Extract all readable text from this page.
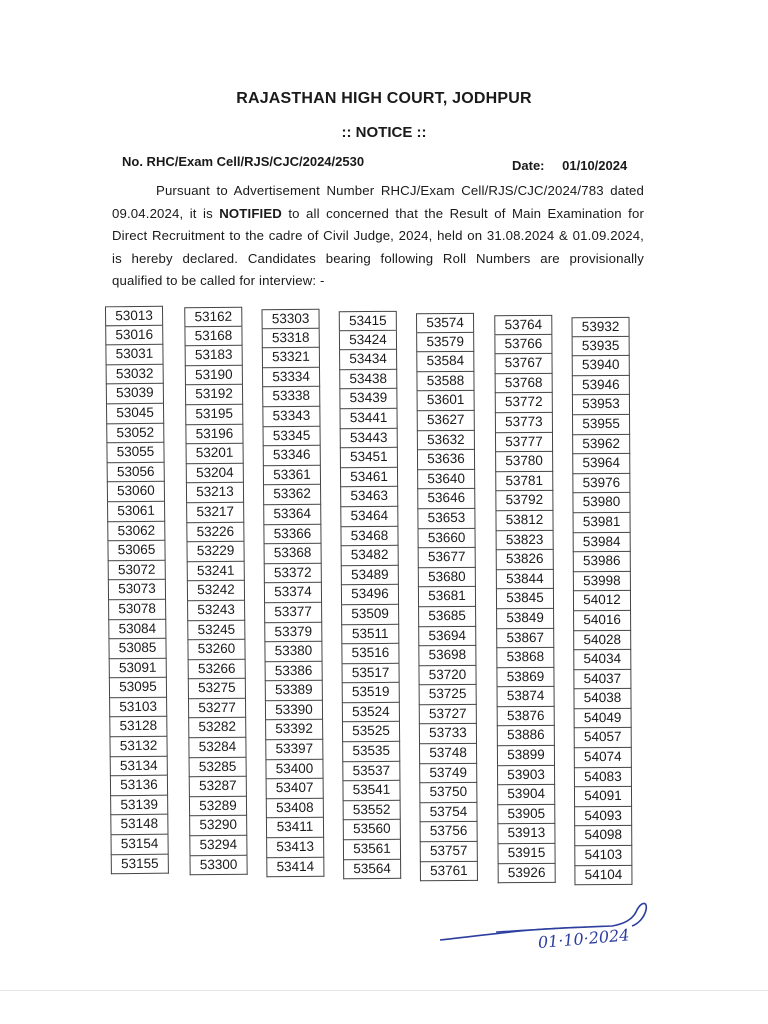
RAJASTHAN HIGH COURT, JODHPUR
:: NOTICE ::
No. RHC/Exam Cell/RJS/CJC/2024/2530	Date: 01/10/2024
Pursuant to Advertisement Number RHCJ/Exam Cell/RJS/CJC/2024/783 dated 09.04.2024, it is NOTIFIED to all concerned that the Result of Main Examination for Direct Recruitment to the cadre of Civil Judge, 2024, held on 31.08.2024 & 01.09.2024, is hereby declared. Candidates bearing following Roll Numbers are provisionally qualified to be called for interview: -
53013
53016
53031
53032
53039
53045
53052
53055
53056
53060
53061
53062
53065
53072
53073
53078
53084
53085
53091
53095
53103
53128
53132
53134
53136
53139
53148
53154
53155
53162
53168
53183
53190
53192
53195
53196
53201
53204
53213
53217
53226
53229
53241
53242
53243
53245
53260
53266
53275
53277
53282
53284
53285
53287
53289
53290
53294
53300
53303
53318
53321
53334
53338
53343
53345
53346
53361
53362
53364
53366
53368
53372
53374
53377
53379
53380
53386
53389
53390
53392
53397
53400
53407
53408
53411
53413
53414
53415
53424
53434
53438
53439
53441
53443
53451
53461
53463
53464
53468
53482
53489
53496
53509
53511
53516
53517
53519
53524
53525
53535
53537
53541
53552
53560
53561
53564
53574
53579
53584
53588
53601
53627
53632
53636
53640
53646
53653
53660
53677
53680
53681
53685
53694
53698
53720
53725
53727
53733
53748
53749
53750
53754
53756
53757
53761
53764
53766
53767
53768
53772
53773
53777
53780
53781
53792
53812
53823
53826
53844
53845
53849
53867
53868
53869
53874
53876
53886
53899
53903
53904
53905
53913
53915
53926
53932
53935
53940
53946
53953
53955
53962
53964
53976
53980
53981
53984
53986
53998
54012
54016
54028
54034
54037
54038
54049
54057
54074
54083
54091
54093
54098
54103
54104
01·10·2024
